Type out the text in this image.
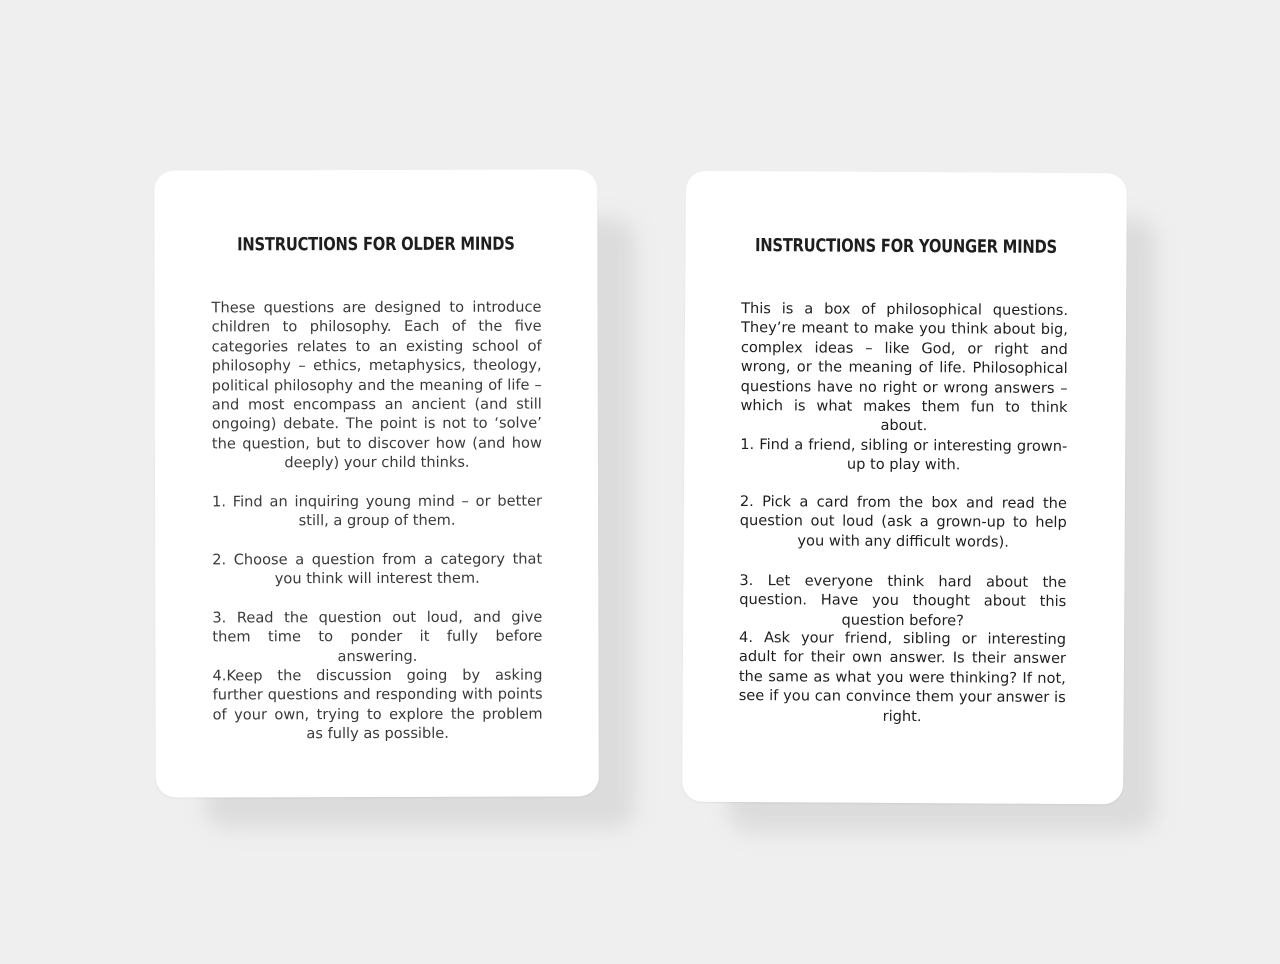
INSTRUCTIONS FOR OLDER MINDS

These questions are designed to introduce children to philosophy. Each of the five categories relates to an existing school of philosophy – ethics, metaphysics, theology, political philosophy and the meaning of life – and most encompass an ancient (and still ongoing) debate. The point is not to ‘solve’ the question, but to discover how (and how deeply) your child thinks.

1. Find an inquiring young mind – or better still, a group of them.

2. Choose a question from a category that you think will interest them.

3. Read the question out loud, and give them time to ponder it fully before answering.

4.Keep the discussion going by asking further questions and responding with points of your own, trying to explore the problem as fully as possible.

INSTRUCTIONS FOR YOUNGER MINDS

This is a box of philosophical questions. They’re meant to make you think about big, complex ideas – like God, or right and wrong, or the meaning of life. Philosophical questions have no right or wrong answers – which is what makes them fun to think about.

1. Find a friend, sibling or interesting grown-up to play with.

2. Pick a card from the box and read the question out loud (ask a grown-up to help you with any difficult words).

3. Let everyone think hard about the question. Have you thought about this question before?

4. Ask your friend, sibling or interesting adult for their own answer. Is their answer the same as what you were thinking? If not, see if you can convince them your answer is right.
